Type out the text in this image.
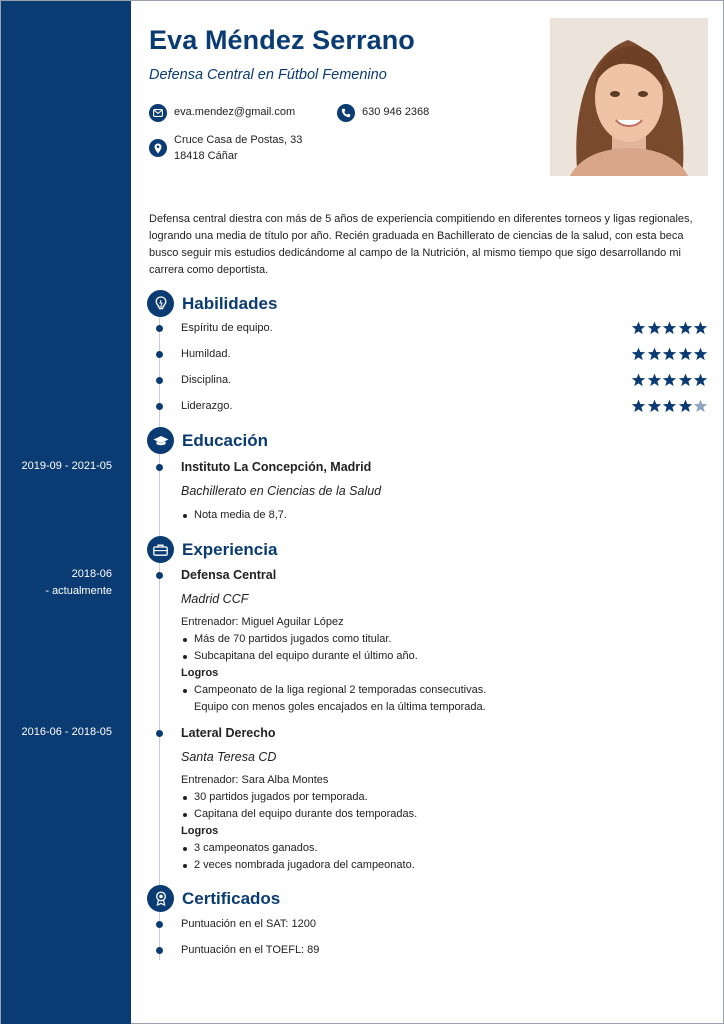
Eva Méndez Serrano
Defensa Central en Fútbol Femenino
eva.mendez@gmail.com	630 946 2368
Cruce Casa de Postas, 33
18418 Cáñar

Defensa central diestra con más de 5 años de experiencia compitiendo en diferentes torneos y ligas regionales, logrando una media de título por año. Recién graduada en Bachillerato de ciencias de la salud, con esta beca busco seguir mis estudios dedicándome al campo de la Nutrición, al mismo tiempo que sigo desarrollando mi carrera como deportista.

Habilidades
Espíritu de equipo.
Humildad.
Disciplina.
Liderazgo.
Educación
2019-09 - 2021-05	Instituto La Concepción, Madrid
Bachillerato en Ciencias de la Salud
Nota media de 8,7.
Experiencia
2018-06
- actualmente
Defensa Central
Madrid CCF
Entrenador: Miguel Aguilar López
Más de 70 partidos jugados como titular.
Subcapitana del equipo durante el último año.
Logros
Campeonato de la liga regional 2 temporadas consecutivas.
Equipo con menos goles encajados en la última temporada.
2016-06 - 2018-05	Lateral Derecho
Santa Teresa CD
Entrenador: Sara Alba Montes
30 partidos jugados por temporada.
Capitana del equipo durante dos temporadas.
Logros
3 campeonatos ganados.
2 veces nombrada jugadora del campeonato.
Certificados
Puntuación en el SAT: 1200
Puntuación en el TOEFL: 89
